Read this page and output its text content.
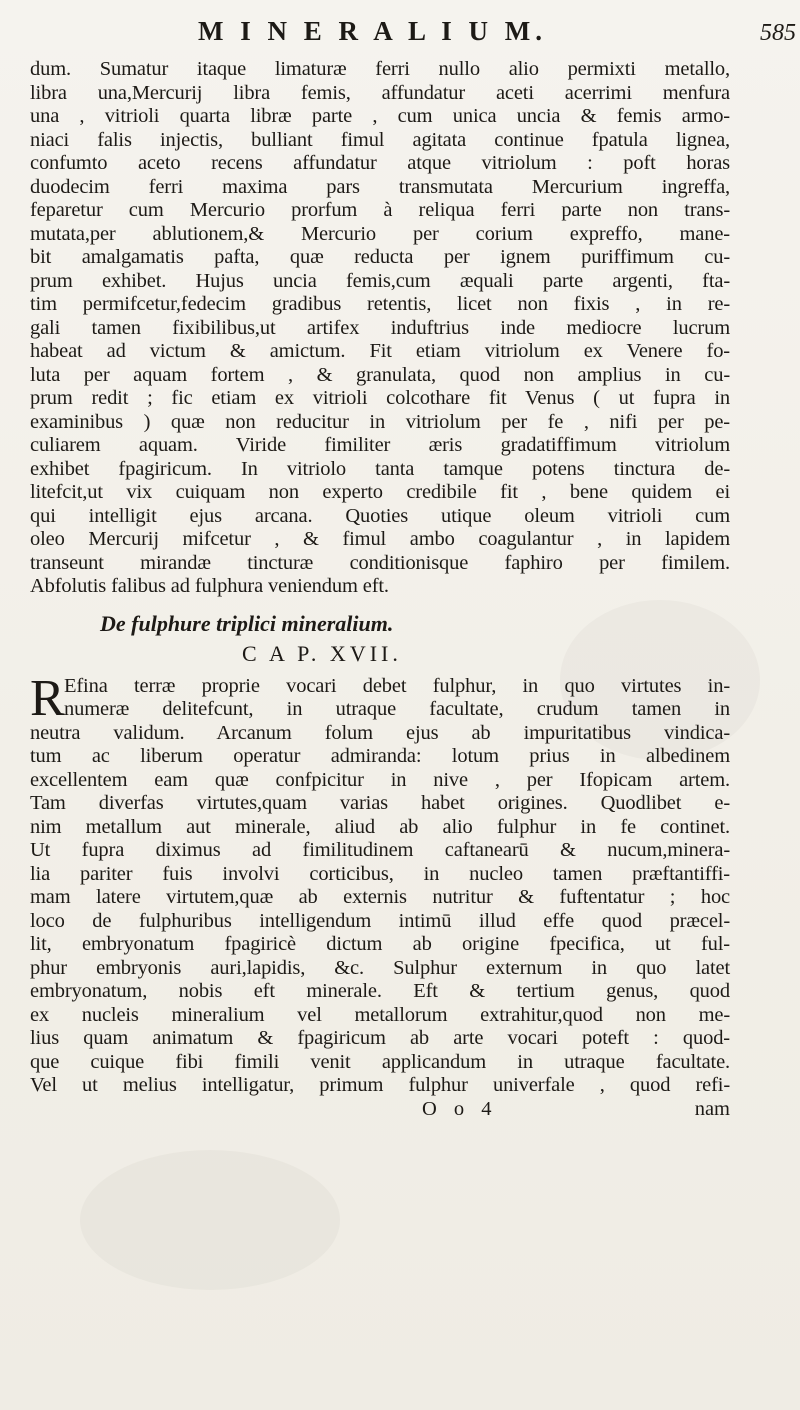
M I N E R A L I U M.	585
dum. Sumatur itaque limaturæ ferri nullo alio permixti metallo,
libra una,Mercurij libra femis, affundatur aceti acerrimi menfura
una , vitrioli quarta libræ parte , cum unica uncia & femis armo-
niaci falis injectis, bulliant fimul agitata continue fpatula lignea,
confumto aceto recens affundatur atque vitriolum : poft horas
duodecim ferri maxima pars transmutata Mercurium ingreffa,
feparetur cum Mercurio prorfum à reliqua ferri parte non trans-
mutata,per ablutionem,& Mercurio per corium expreffo, mane-
bit amalgamatis pafta, quæ reducta per ignem puriffimum cu-
prum exhibet. Hujus uncia femis,cum æquali parte argenti, fta-
tim permifcetur,fedecim gradibus retentis, licet non fixis , in re-
gali tamen fixibilibus,ut artifex induftrius inde mediocre lucrum
habeat ad victum & amictum. Fit etiam vitriolum ex Venere fo-
luta per aquam fortem , & granulata, quod non amplius in cu-
prum redit ; fic etiam ex vitrioli colcothare fit Venus ( ut fupra in
examinibus ) quæ non reducitur in vitriolum per fe , nifi per pe-
culiarem aquam. Viride fimiliter æris gradatiffimum vitriolum
exhibet fpagiricum. In vitriolo tanta tamque potens tinctura de-
litefcit,ut vix cuiquam non experto credibile fit , bene quidem ei
qui intelligit ejus arcana. Quoties utique oleum vitrioli cum
oleo Mercurij mifcetur , & fimul ambo coagulantur , in lapidem
transeunt mirandæ tincturæ conditionisque faphiro per fimilem.
Abfolutis falibus ad fulphura veniendum eft.
De fulphure triplici mineralium.
C A P. XVII.
R Efina terræ proprie vocari debet fulphur, in quo virtutes in-
numeræ delitefcunt, in utraque facultate, crudum tamen in
neutra validum. Arcanum folum ejus ab impuritatibus vindica-
tum ac liberum operatur admiranda: lotum prius in albedinem
excellentem eam quæ confpicitur in nive , per Ifopicam artem.
Tam diverfas virtutes,quam varias habet origines. Quodlibet e-
nim metallum aut minerale, aliud ab alio fulphur in fe continet.
Ut fupra diximus ad fimilitudinem caftanearū & nucum,minera-
lia pariter fuis involvi corticibus, in nucleo tamen præftantiffi-
mam latere virtutem,quæ ab externis nutritur & fuftentatur ; hoc
loco de fulphuribus intelligendum intimū illud effe quod præcel-
lit, embryonatum fpagiricè dictum ab origine fpecifica, ut ful-
phur embryonis auri,lapidis, &c. Sulphur externum in quo latet
embryonatum, nobis eft minerale. Eft & tertium genus, quod
ex nucleis mineralium vel metallorum extrahitur,quod non me-
lius quam animatum & fpagiricum ab arte vocari poteft : quod-
que cuique fibi fimili venit applicandum in utraque facultate.
Vel ut melius intelligatur, primum fulphur univerfale , quod refi-
O o 4	nam
